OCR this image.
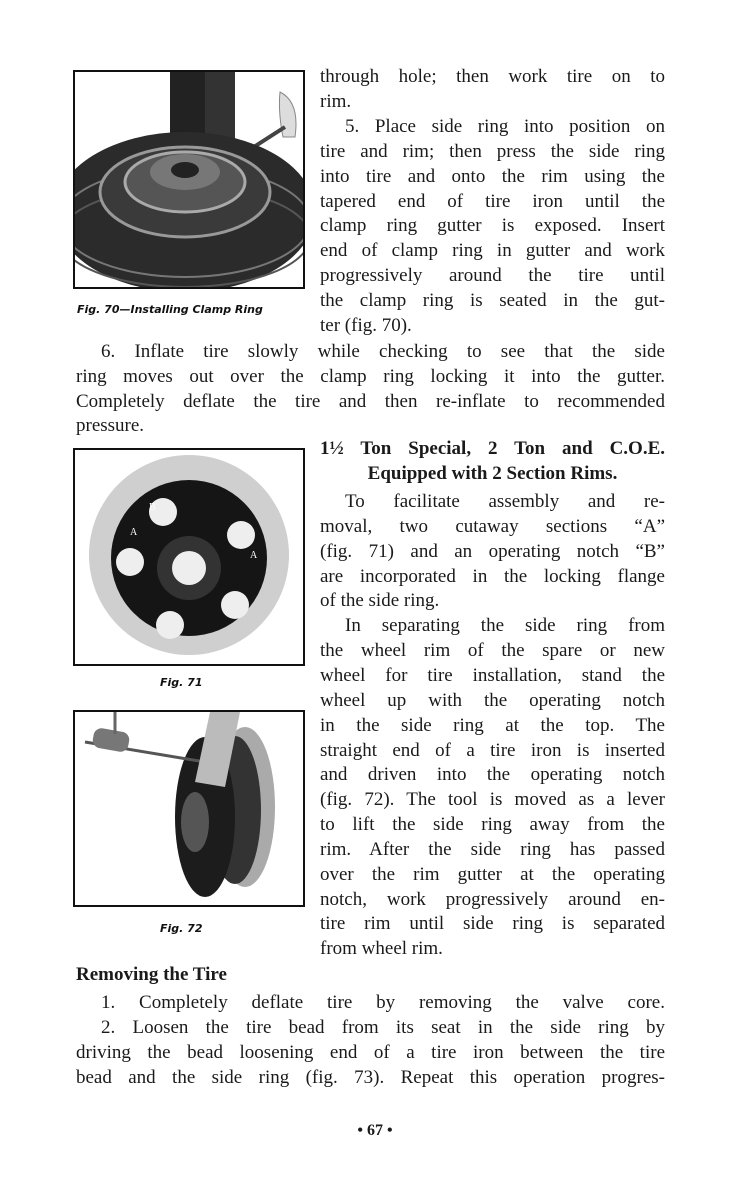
Fig. 70—Installing Clamp Ring
B
A
A
Fig. 71
Fig. 72
through hole; then work tire on to
rim.
5. Place side ring into position on
tire and rim; then press the side ring
into tire and onto the rim using the
tapered end of tire iron until the
clamp ring gutter is exposed. Insert
end of clamp ring in gutter and work
progressively around the tire until
the clamp ring is seated in the gut-
ter (fig. 70).
6. Inflate tire slowly while checking to see that the side
ring moves out over the clamp ring locking it into the gutter.
Completely deflate the tire and then re-inflate to recommended
pressure.
1½ Ton Special, 2 Ton and C.O.E.
Equipped with 2 Section Rims.
To facilitate assembly and re-
moval, two cutaway sections “A”
(fig. 71) and an operating notch “B”
are incorporated in the locking flange
of the side ring.
In separating the side ring from
the wheel rim of the spare or new
wheel for tire installation, stand the
wheel up with the operating notch
in the side ring at the top. The
straight end of a tire iron is inserted
and driven into the operating notch
(fig. 72). The tool is moved as a lever
to lift the side ring away from the
rim. After the side ring has passed
over the rim gutter at the operating
notch, work progressively around en-
tire rim until side ring is separated
from wheel rim.
Removing the Tire
1. Completely deflate tire by removing the valve core.
2. Loosen the tire bead from its seat in the side ring by
driving the bead loosening end of a tire iron between the tire
bead and the side ring (fig. 73). Repeat this operation progres-
• 67 •
